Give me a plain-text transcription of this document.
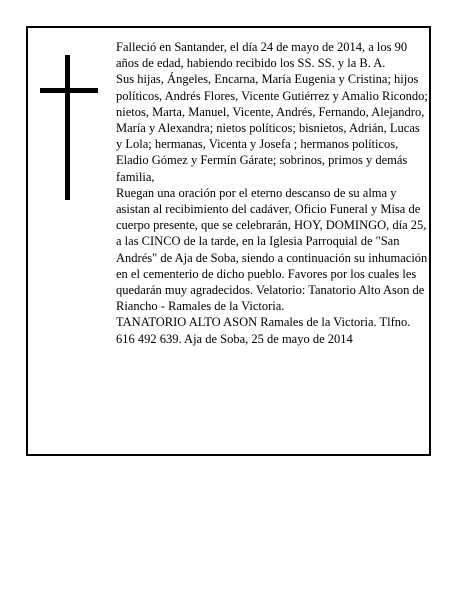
Falleció en Santander, el día 24 de mayo de 2014, a los 90 años de edad, habiendo recibido los SS. SS. y la B. A.

Sus hijas, Ángeles, Encarna, María Eugenia y Cristina; hijos políticos, Andrés Flores, Vicente Gutiérrez y Amalio Ricondo; nietos, Marta, Manuel, Vicente, Andrés, Fernando, Alejandro, María y Alexandra; nietos políticos; bisnietos, Adrián, Lucas y Lola; hermanas, Vicenta y Josefa ; hermanos políticos, Eladio Gómez y Fermín Gárate; sobrinos, primos y demás familia,

Ruegan una oración por el eterno descanso de su alma y asistan al recibimiento del cadáver, Oficio Funeral y Misa de cuerpo presente, que se celebrarán, HOY, DOMINGO, día 25, a las CINCO de la tarde, en la Iglesia Parroquial de "San Andrés" de Aja de Soba, siendo a continuación su inhumación en el cementerio de dicho pueblo. Favores por los cuales les quedarán muy agradecidos. Velatorio: Tanatorio Alto Ason de Riancho - Ramales de la Victoria.

TANATORIO ALTO ASON Ramales de la Victoria. Tlfno. 616 492 639. Aja de Soba, 25 de mayo de 2014
